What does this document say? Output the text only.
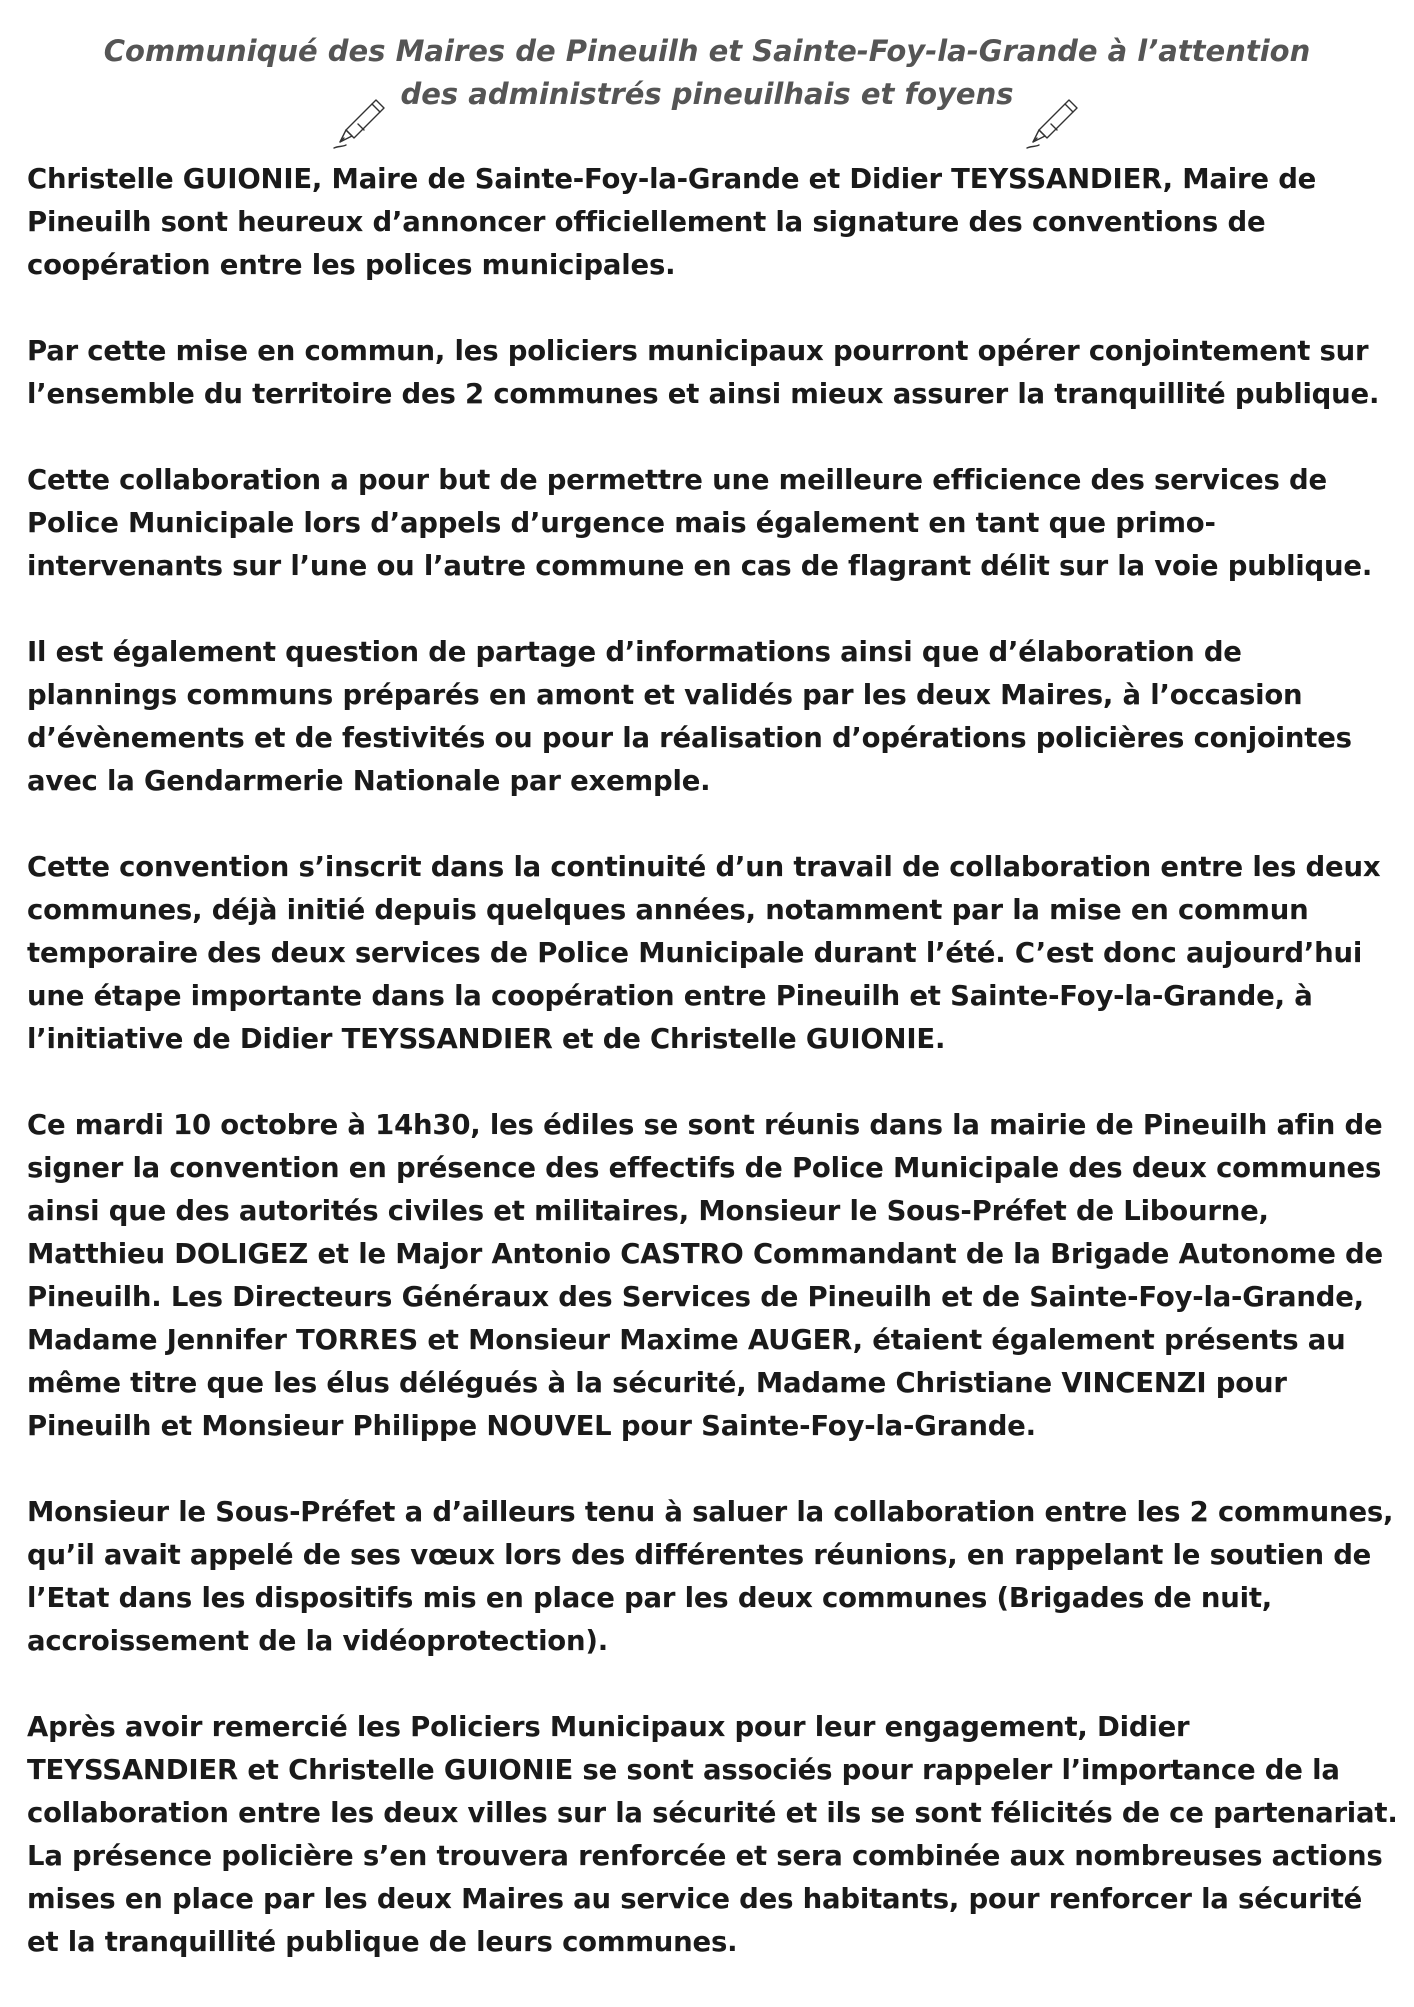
Communiqué des Maires de Pineuilh et Sainte-Foy-la-Grande à l’attention

des administrés pineuilhais et foyens

Christelle GUIONIE, Maire de Sainte-Foy-la-Grande et Didier TEYSSANDIER, Maire de
Pineuilh sont heureux d’annoncer officiellement la signature des conventions de
coopération entre les polices municipales.

Par cette mise en commun, les policiers municipaux pourront opérer conjointement sur
l’ensemble du territoire des 2 communes et ainsi mieux assurer la tranquillité publique.

Cette collaboration a pour but de permettre une meilleure efficience des services de
Police Municipale lors d’appels d’urgence mais également en tant que primo-
intervenants sur l’une ou l’autre commune en cas de flagrant délit sur la voie publique.

Il est également question de partage d’informations ainsi que d’élaboration de
plannings communs préparés en amont et validés par les deux Maires, à l’occasion
d’évènements et de festivités ou pour la réalisation d’opérations policières conjointes
avec la Gendarmerie Nationale par exemple.

Cette convention s’inscrit dans la continuité d’un travail de collaboration entre les deux
communes, déjà initié depuis quelques années, notamment par la mise en commun
temporaire des deux services de Police Municipale durant l’été. C’est donc aujourd’hui
une étape importante dans la coopération entre Pineuilh et Sainte-Foy-la-Grande, à
l’initiative de Didier TEYSSANDIER et de Christelle GUIONIE.

Ce mardi 10 octobre à 14h30, les édiles se sont réunis dans la mairie de Pineuilh afin de
signer la convention en présence des effectifs de Police Municipale des deux communes
ainsi que des autorités civiles et militaires, Monsieur le Sous-Préfet de Libourne,
Matthieu DOLIGEZ et le Major Antonio CASTRO Commandant de la Brigade Autonome de
Pineuilh. Les Directeurs Généraux des Services de Pineuilh et de Sainte-Foy-la-Grande,
Madame Jennifer TORRES et Monsieur Maxime AUGER, étaient également présents au
même titre que les élus délégués à la sécurité, Madame Christiane VINCENZI pour
Pineuilh et Monsieur Philippe NOUVEL pour Sainte-Foy-la-Grande.

Monsieur le Sous-Préfet a d’ailleurs tenu à saluer la collaboration entre les 2 communes,
qu’il avait appelé de ses vœux lors des différentes réunions, en rappelant le soutien de
l’Etat dans les dispositifs mis en place par les deux communes (Brigades de nuit,
accroissement de la vidéoprotection).

Après avoir remercié les Policiers Municipaux pour leur engagement, Didier
TEYSSANDIER et Christelle GUIONIE se sont associés pour rappeler l’importance de la
collaboration entre les deux villes sur la sécurité et ils se sont félicités de ce partenariat.
La présence policière s’en trouvera renforcée et sera combinée aux nombreuses actions
mises en place par les deux Maires au service des habitants, pour renforcer la sécurité
et la tranquillité publique de leurs communes.
